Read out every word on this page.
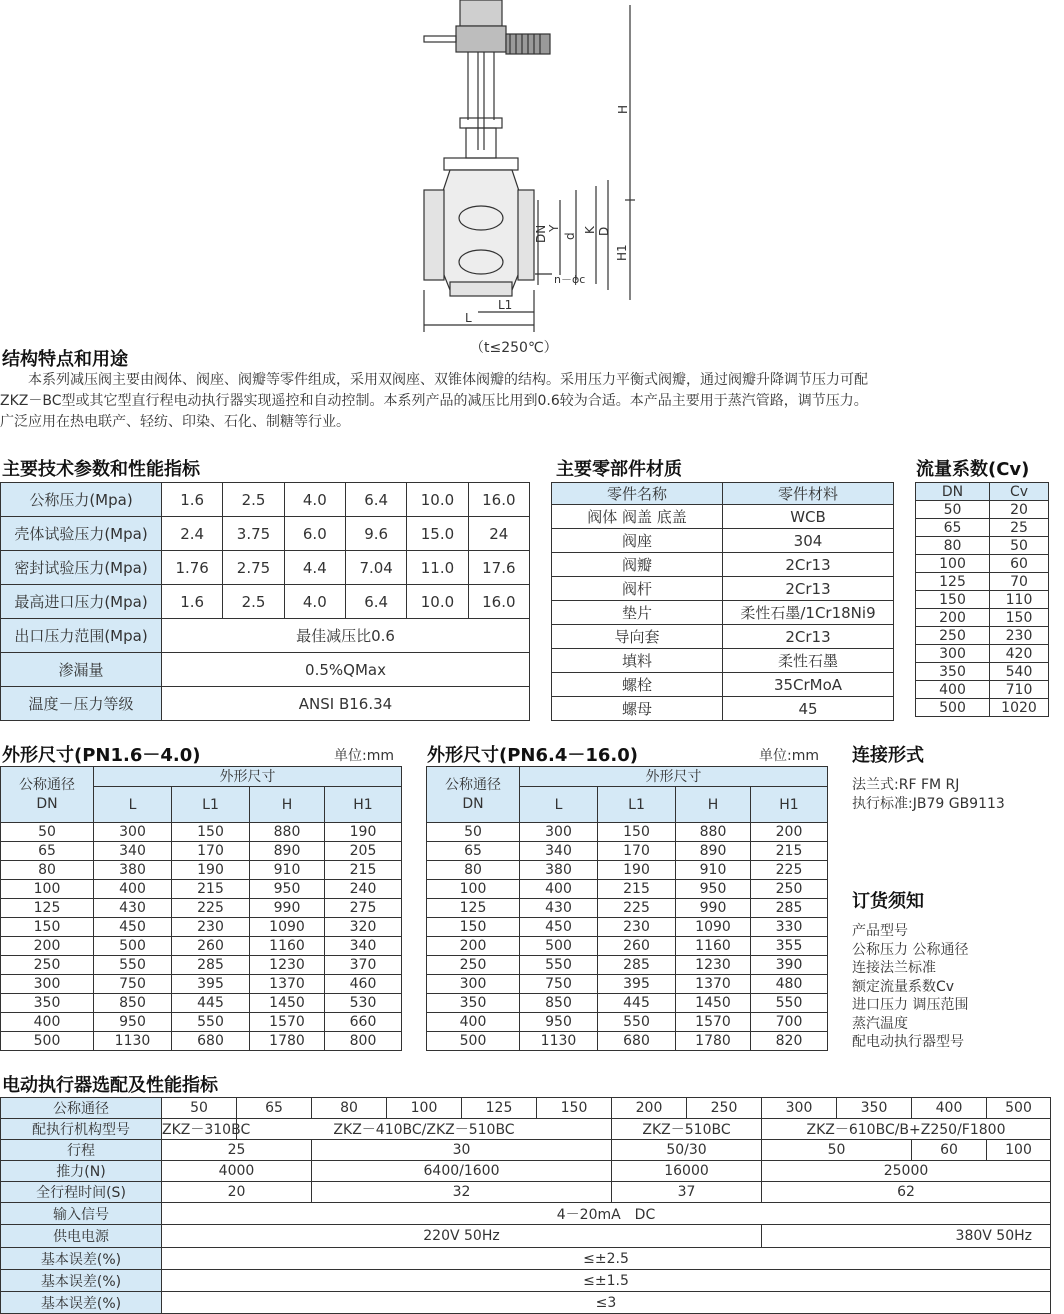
H
H1
DN Y
d
K D
n－ϕc
L
L1
（t≤250℃）
结构特点和用途
　　本系列减压阀主要由阀体、阀座、阀瓣等零件组成，采用双阀座、双锥体阀瓣的结构。采用压力平衡式阀瓣，通过阀瓣升降调节压力可配
ZKZ－BC型或其它型直行程电动执行器实现遥控和自动控制。本系列产品的减压比用到0.6较为合适。本产品主要用于蒸汽管路，调节压力。
广泛应用在热电联产、轻纺、印染、石化、制糖等行业。
主要技术参数和性能指标
公称压力(Mpa)	1.6	2.5	4.0	6.4	10.0	16.0
壳体试验压力(Mpa)	2.4	3.75	6.0	9.6	15.0	24
密封试验压力(Mpa)	1.76	2.75	4.4	7.04	11.0	17.6
最高进口压力(Mpa)	1.6	2.5	4.0	6.4	10.0	16.0
出口压力范围(Mpa)	最佳减压比0.6					
渗漏量	0.5%QMax					
温度－压力等级	ANSI B16.34					
主要零部件材质
零件名称	零件材料
阀体 阀盖 底盖	WCB
阀座	304
阀瓣	2Cr13
阀杆	2Cr13
垫片	柔性石墨/1Cr18Ni9
导向套	2Cr13
填料	柔性石墨
螺栓	35CrMoA
螺母	45
流量系数(Cv)
DN	Cv
50	20
65	25
80	50
100	60
125	70
150	110
200	150
250	230
300	420
350	540
400	710
500	1020
外形尺寸(PN1.6－4.0)	单位:mm
公称通径
DN	外形尺寸			
	L	L1	H	H1
50	300	150	880	190
65	340	170	890	205
80	380	190	910	215
100	400	215	950	240
125	430	225	990	275
150	450	230	1090	320
200	500	260	1160	340
250	550	285	1230	370
300	750	395	1370	460
350	850	445	1450	530
400	950	550	1570	660
500	1130	680	1780	800
外形尺寸(PN6.4－16.0)	单位:mm
公称通径
DN	外形尺寸			
	L	L1	H	H1
50	300	150	880	200
65	340	170	890	215
80	380	190	910	225
100	400	215	950	250
125	430	225	990	285
150	450	230	1090	330
200	500	260	1160	355
250	550	285	1230	390
300	750	395	1370	480
350	850	445	1450	550
400	950	550	1570	700
500	1130	680	1780	820
连接形式
法兰式:RF FM RJ
执行标准:JB79 GB9113
订货须知
产品型号
公称压力 公称通径
连接法兰标准
额定流量系数Cv
进口压力 调压范围
蒸汽温度
配电动执行器型号
电动执行器选配及性能指标
公称通径	50	65	80	100	125	150	200	250	300	350	400	500
配执行机构型号	ZKZ－310BC	ZKZ－410BC/ZKZ－510BC					ZKZ－510BC		ZKZ－610BC/B+Z250/F1800			
行程	25		30				50/30		50		60	100
推力(N)	4000		6400/1600				16000		25000			
全行程时间(S)	20		32				37		62			
输入信号	4－20mA　DC											
供电电源	220V 50Hz								380V 50Hz			
基本误差(%)	≤±2.5											
基本误差(%)	≤±1.5											
基本误差(%)	≤3											
